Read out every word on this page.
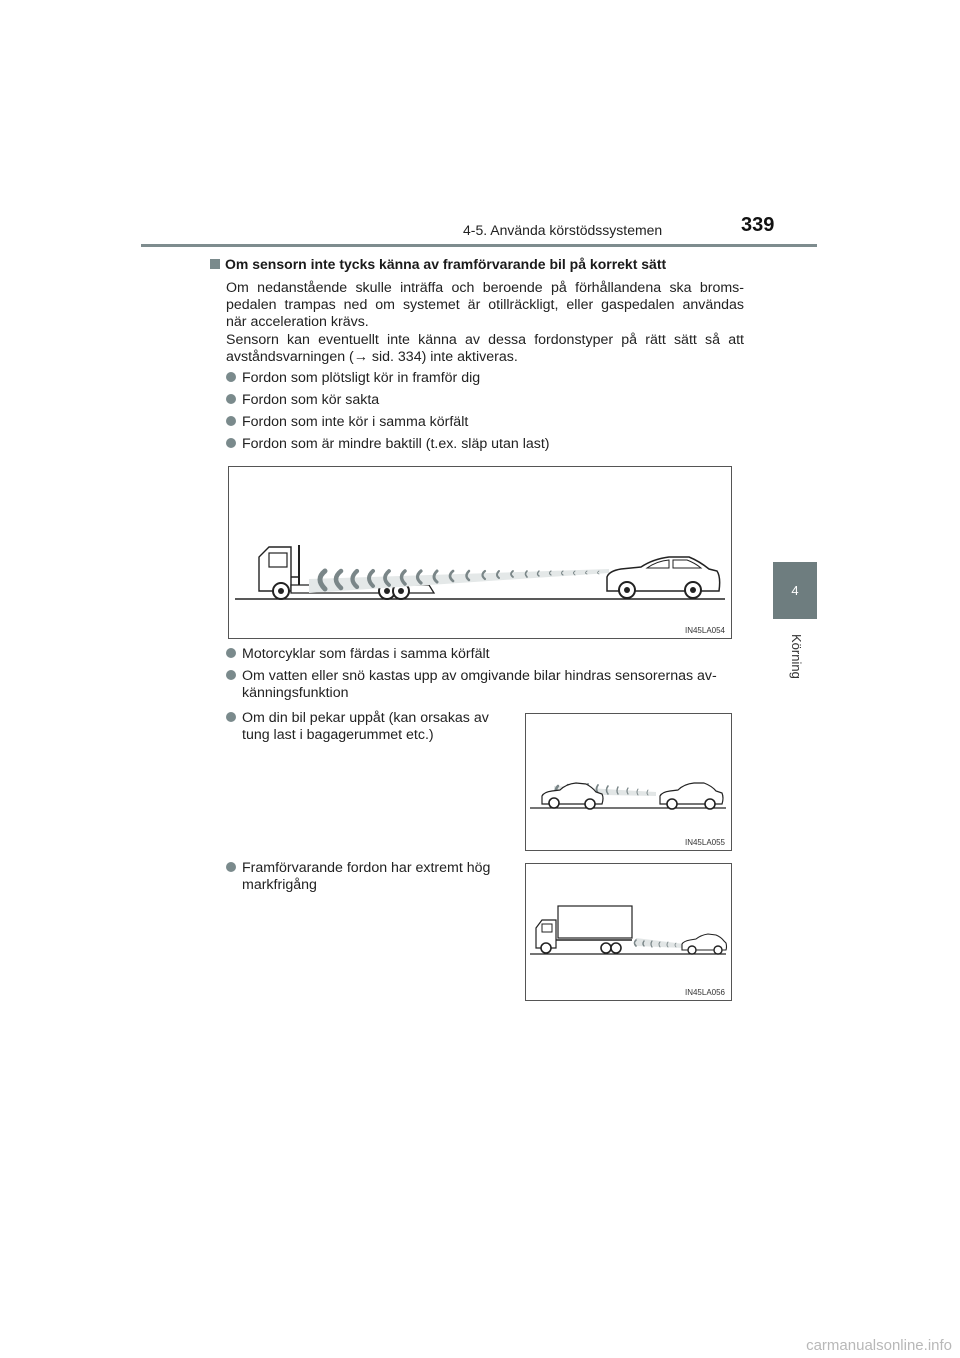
4-5. Använda körstödssystemen	339
4
Körning
Om sensorn inte tycks känna av framförvarande bil på korrekt sätt
Om nedanstående skulle inträffa och beroende på förhållandena ska broms-
pedalen trampas ned om systemet är otillräckligt, eller gaspedalen användas
när acceleration krävs.
Sensorn kan eventuellt inte känna av dessa fordonstyper på rätt sätt så att
avståndsvarningen (→ sid. 334) inte aktiveras.
Fordon som plötsligt kör in framför dig
Fordon som kör sakta
Fordon som inte kör i samma körfält
Fordon som är mindre baktill (t.ex. släp utan last)
IN45LA054
Motorcyklar som färdas i samma körfält
Om vatten eller snö kastas upp av omgivande bilar hindras sensorernas av-
känningsfunktion
Om din bil pekar uppåt (kan orsakas av
tung last i bagagerummet etc.)
IN45LA055
Framförvarande fordon har extremt hög
markfrigång
IN45LA056
carmanualsonline.info
